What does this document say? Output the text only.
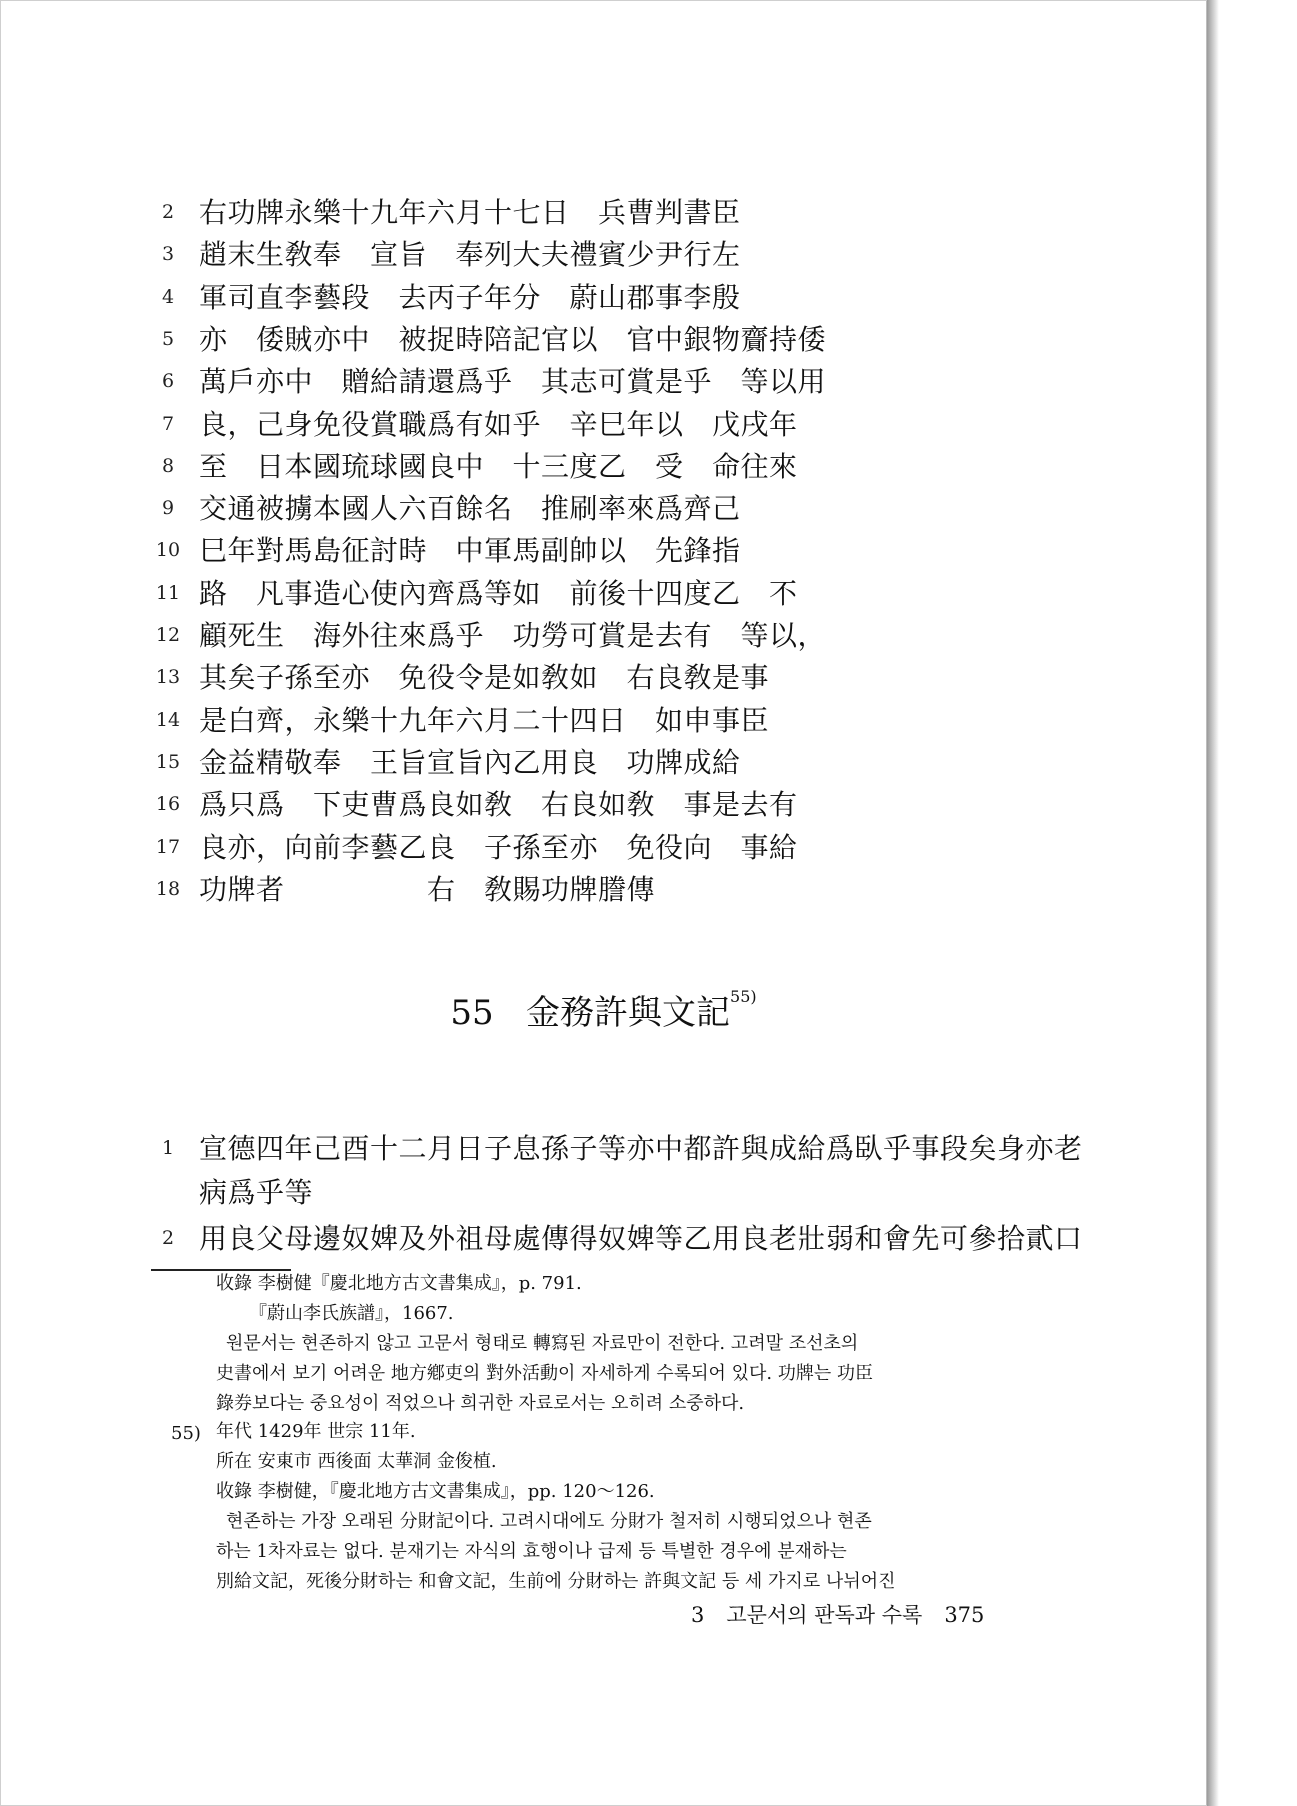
2 右功牌永樂十九年六月十七日　兵曹判書臣
3 趙末生敎奉　宣旨　奉列大夫禮賓少尹行左
4 軍司直李藝段　去丙子年分　蔚山郡事李殷
5 亦　倭賊亦中　被捉時陪記官以　官中銀物齎持倭
6 萬戶亦中　贈給請還爲乎　其志可賞是乎　等以用
7 良，己身免役賞職爲有如乎　辛巳年以　戊戌年
8 至　日本國琉球國良中　十三度乙　受　命往來
9 交通被擄本國人六百餘名　推刷率來爲齊己
10 巳年對馬島征討時　中軍馬副帥以　先鋒指
11 路　凡事造心使內齊爲等如　前後十四度乙　不
12 顧死生　海外往來爲乎　功勞可賞是去有　等以，
13 其矣子孫至亦　免役令是如敎如　右良敎是事
14 是白齊，永樂十九年六月二十四日　如申事臣
15 金益精敬奉　王旨宣旨內乙用良　功牌成給
16 爲只爲　下吏曹爲良如敎　右良如敎　事是去有
17 良亦，向前李藝乙良　子孫至亦　免役向　事給
18 功牌者　　　　　右　敎賜功牌謄傳
55 金務許與文記$^{55)}$
1 宣德四年己酉十二月日子息孫子等亦中都許與成給爲臥乎事段矣身亦老
病爲乎等
2 用良父母邊奴婢及外祖母處傳得奴婢等乙用良老壯弱和會先可參拾貳口
收錄 李樹健『慶北地方古文書集成』，p. 791.
『蔚山李氏族譜』，1667.
원문서는 현존하지 않고 고문서 형태로 轉寫된 자료만이 전한다. 고려말 조선초의
史書에서 보기 어려운 地方鄕吏의 對外活動이 자세하게 수록되어 있다. 功牌는 功臣
錄券보다는 중요성이 적었으나 희귀한 자료로서는 오히려 소중하다.
55) 年代 1429年 世宗 11年.
所在 安東市 西後面 太華洞 金俊植.
收錄 李樹健，『慶北地方古文書集成』，pp. 120～126.
현존하는 가장 오래된 分財記이다. 고려시대에도 分財가 철저히 시행되었으나 현존
하는 1차자료는 없다. 분재기는 자식의 효행이나 급제 등 특별한 경우에 분재하는
別給文記，死後分財하는 和會文記，生前에 分財하는 許與文記 등 세 가지로 나뉘어진
3 고문서의 판독과 수록 375
